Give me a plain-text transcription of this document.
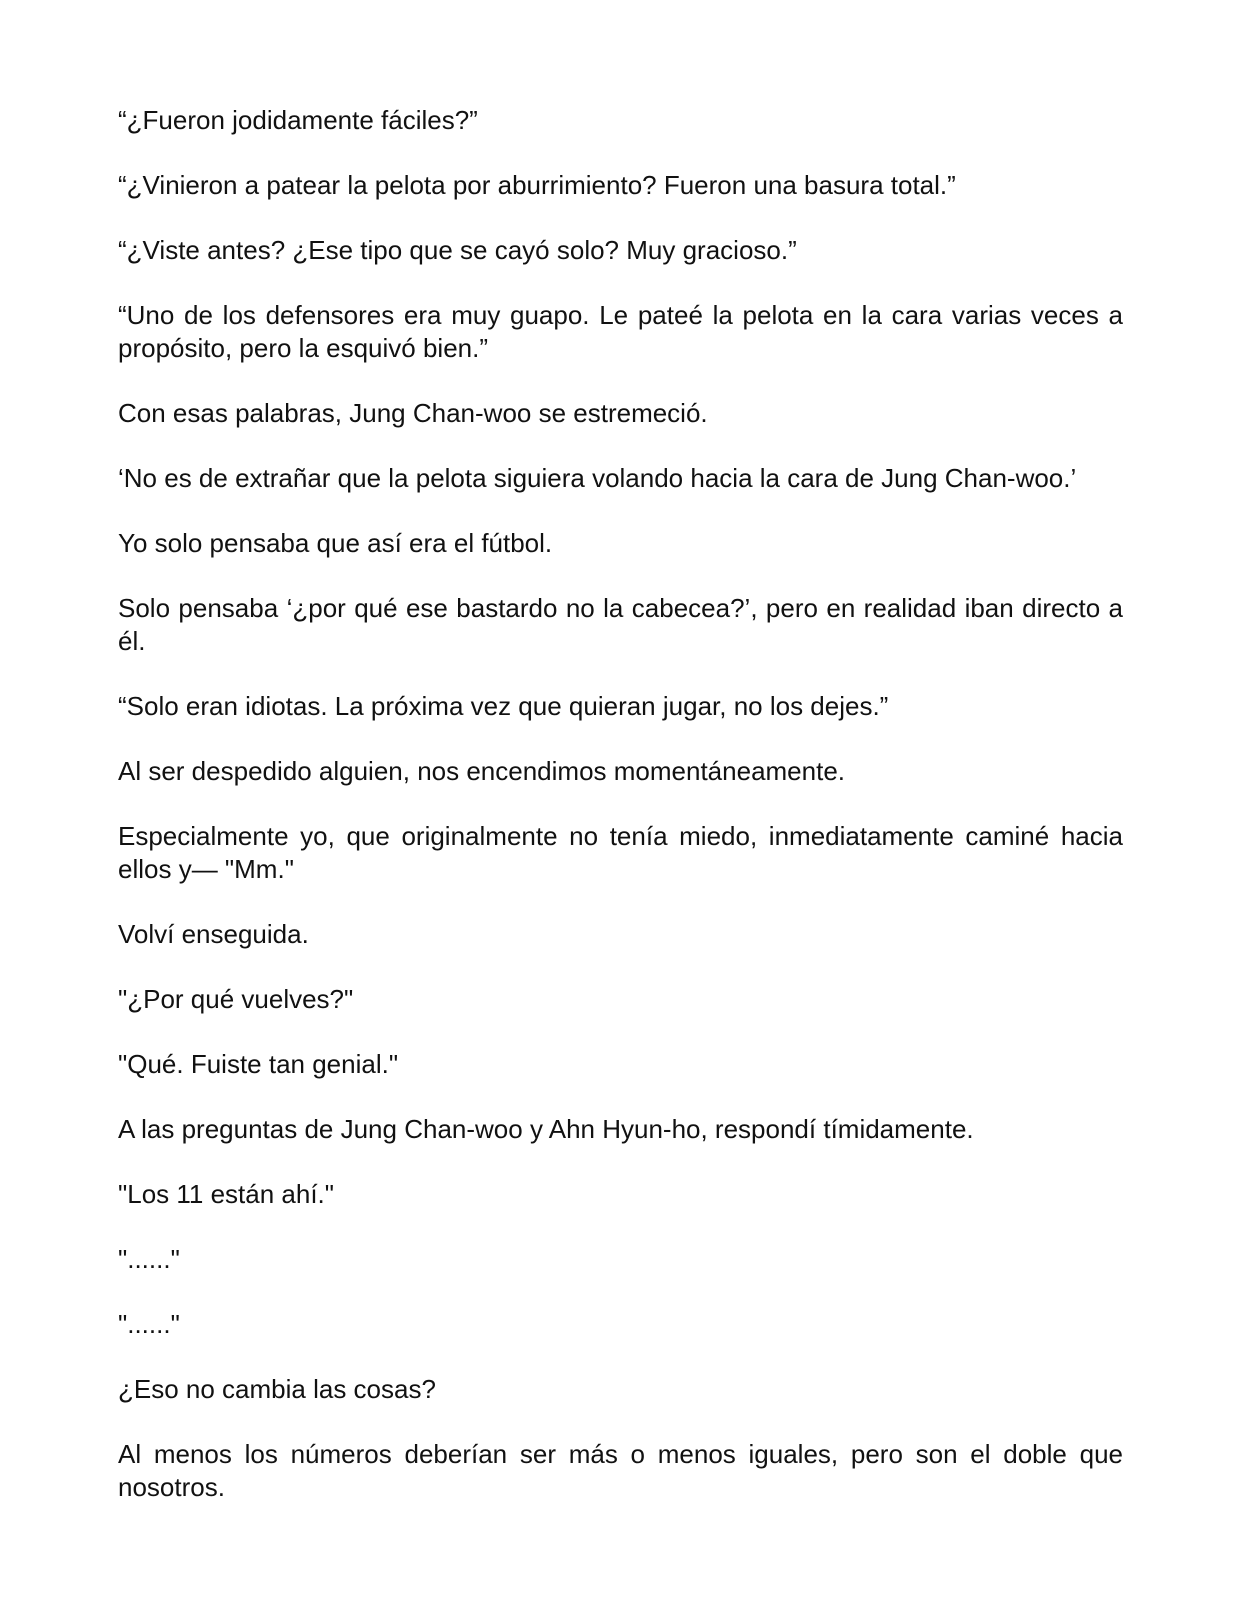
“¿Fueron jodidamente fáciles?”

“¿Vinieron a patear la pelota por aburrimiento? Fueron una basura total.”

“¿Viste antes? ¿Ese tipo que se cayó solo? Muy gracioso.”

“Uno de los defensores era muy guapo. Le pateé la pelota en la cara varias veces a propósito, pero la esquivó bien.”

Con esas palabras, Jung Chan-woo se estremeció.

‘No es de extrañar que la pelota siguiera volando hacia la cara de Jung Chan-woo.’

Yo solo pensaba que así era el fútbol.

Solo pensaba ‘¿por qué ese bastardo no la cabecea?’, pero en realidad iban directo a él.

“Solo eran idiotas. La próxima vez que quieran jugar, no los dejes.”

Al ser despedido alguien, nos encendimos momentáneamente.

Especialmente yo, que originalmente no tenía miedo, inmediatamente caminé hacia ellos y— "Mm."

Volví enseguida.

"¿Por qué vuelves?"

"Qué. Fuiste tan genial."

A las preguntas de Jung Chan-woo y Ahn Hyun-ho, respondí tímidamente.

"Los 11 están ahí."

"......"

"......"

¿Eso no cambia las cosas?

Al menos los números deberían ser más o menos iguales, pero son el doble que nosotros.
